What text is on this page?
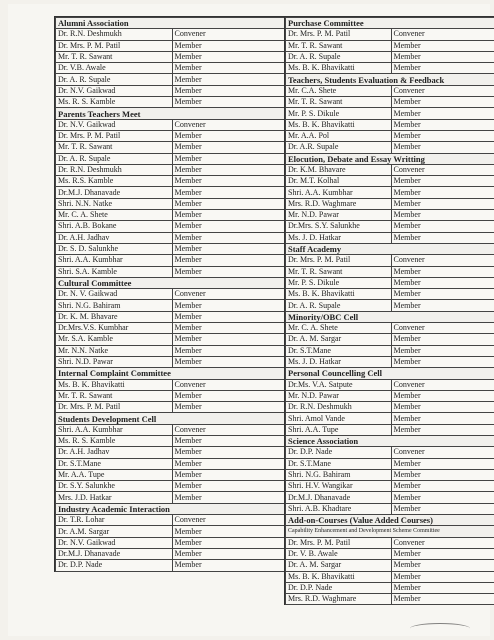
Alumni Association	
Dr. R.N. Deshmukh	Convener
Dr. Mrs. P. M. Patil	Member
Mr. T. R. Sawant	Member
Dr. V.B. Awale	Member
Dr. A. R. Supale	Member
Dr. N.V. Gaikwad	Member
Ms. R. S. Kamble	Member
Parents Teachers Meet	
Dr. N.V. Gaikwad	Convener
Dr. Mrs. P. M. Patil	Member
Mr. T. R. Sawant	Member
Dr. A. R. Supale	Member
Dr. R.N. Deshmukh	Member
Ms. R.S. Kamble	Member
Dr.M.J. Dhanavade	Member
Shri. N.N. Natke	Member
Mr. C. A. Shete	Member
Shri. A.B. Bokane	Member
Dr. A.H. Jadhav	Member
Dr. S. D. Salunkhe	Member
Shri. A.A. Kumbhar	Member
Shri. S.A. Kamble	Member
Cultural Committee	
Dr. N. V. Gaikwad	Convener
Shri. N.G. Bahiram	Member
Dr. K. M. Bhavare	Member
Dr.Mrs.V.S. Kumbhar	Member
Mr. S.A. Kamble	Member
Mr. N.N. Natke	Member
Shri. N.D. Pawar	Member
Internal Complaint Committee	
Ms. B. K. Bhavikatti	Convener
Mr. T. R. Sawant	Member
Dr. Mrs. P. M. Patil	Member
Students Development Cell	
Shri. A.A. Kumbhar	Convener
Ms. R. S. Kamble	Member
Dr. A.H. Jadhav	Member
Dr. S.T.Mane	Member
Mr. A.A. Tupe	Member
Dr. S.Y. Salunkhe	Member
Mrs. J.D. Hatkar	Member
Industry Academic Interaction	
Dr. T.R. Lohar	Convener
Dr. A.M. Sargar	Member
Dr. N.V. Gaikwad	Member
Dr.M.J. Dhanavade	Member
Dr. D.P. Nade	Member
Purchase Committee	
Dr. Mrs. P. M. Patil	Convener
Mr. T. R. Sawant	Member
Dr. A. R. Supale	Member
Ms. B. K. Bhavikatti	Member
Teachers, Students Evaluation & Feedback	
Mr. C.A. Shete	Convener
Mr. T. R. Sawant	Member
Mr. P. S. Dikule	Member
Ms. B. K. Bhavikatti	Member
Mr. A.A. Pol	Member
Dr. A.R. Supale	Member
Elocution, Debate and Essay Writting	
Dr. K.M. Bhavare	Convener
Dr. M.T. Kolhal	Member
Shri. A.A. Kumbhar	Member
Mrs. R.D. Waghmare	Member
Mr. N.D. Pawar	Member
Dr.Mrs. S.Y. Salunkhe	Member
Ms. J. D. Hatkar	Member
Staff Academy	
Dr. Mrs. P. M. Patil	Convener
Mr. T. R. Sawant	Member
Mr. P. S. Dikule	Member
Ms. B. K. Bhavikatti	Member
Dr. A. R. Supale	Member
Minority/OBC Cell	
Mr. C. A. Shete	Convener
Dr. A. M. Sargar	Member
Dr. S.T.Mane	Member
Ms. J. D. Hatkar	Member
Personal Councelling Cell	
Dr.Ms. V.A. Satpute	Convener
Mr. N.D. Pawar	Member
Dr. R.N. Deshmukh	Member
Shri. Amol Vande	Member
Shri. A.A. Tupe	Member
Science Association	
Dr. D.P. Nade	Convener
Dr. S.T.Mane	Member
Shri. N.G. Bahiram	Member
Shri. H.V. Wangikar	Member
Dr.M.J. Dhanavade	Member
Shri. A.B. Khadtare	Member
Add-on-Courses (Value Added Courses)	
Capability Enhancement and Development Scheme Committee	
Dr. Mrs. P. M. Patil	Convener
Dr. V. B. Awale	Member
Dr. A. M. Sargar	Member
Ms. B. K. Bhavikatti	Member
Dr. D.P. Nade	Member
Mrs. R.D. Waghmare	Member
